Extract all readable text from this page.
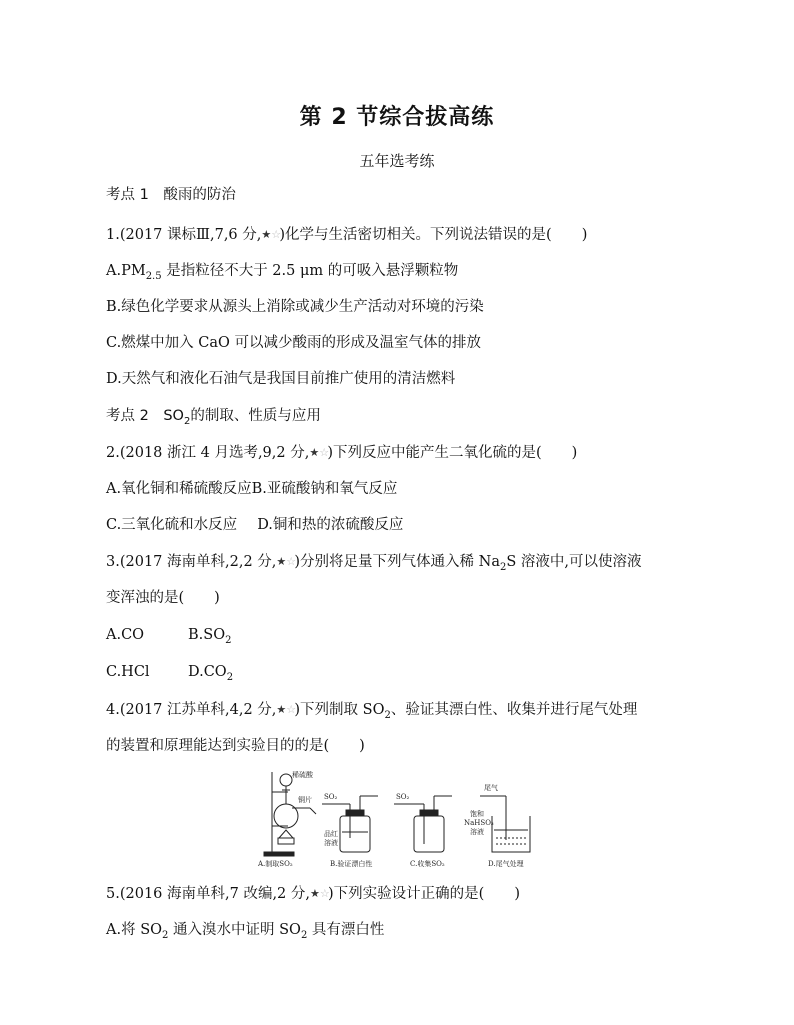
第 2 节综合拔高练
五年选考练
考点 1　酸雨的防治
1.(2017 课标Ⅲ,7,6 分,★☆)化学与生活密切相关。下列说法错误的是( )
$A.PM_{2.5}$ 是指粒径不大于 2.5 μm 的可吸入悬浮颗粒物
B.绿色化学要求从源头上消除或减少生产活动对环境的污染
C.燃煤中加入 CaO 可以减少酸雨的形成及温室气体的排放
D.天然气和液化石油气是我国目前推广使用的清洁燃料
考点 2　$SO_2$的制取、性质与应用
2.(2018 浙江 4 月选考,9,2 分,★☆)下列反应中能产生二氧化硫的是( )
A.氧化铜和稀硫酸反应B.亚硫酸钠和氧气反应
C.三氧化硫和水反应 D.铜和热的浓硫酸反应
3.(2017 海南单科,2,2 分,★☆)分别将足量下列气体通入稀 $Na_2S$ 溶液中,可以使溶液
变浑浊的是( )
A.CO	$B.SO_2$
C.HCl	$D.CO_2$
4.(2017 江苏单科,4,2 分,★☆)下列制取 $SO_2$、验证其漂白性、收集并进行尾气处理
的装置和原理能达到实验目的的是( )
稀硫酸
铜片
A.制取SO₂
SO₂
品红
溶液
B.验证漂白性
SO₂
C.收集SO₂
尾气
饱和
NaHSO₃
溶液
D.尾气处理
5.(2016 海南单科,7 改编,2 分,★☆)下列实验设计正确的是( )
A.将 $SO_2$ 通入溴水中证明 $SO_2$ 具有漂白性
